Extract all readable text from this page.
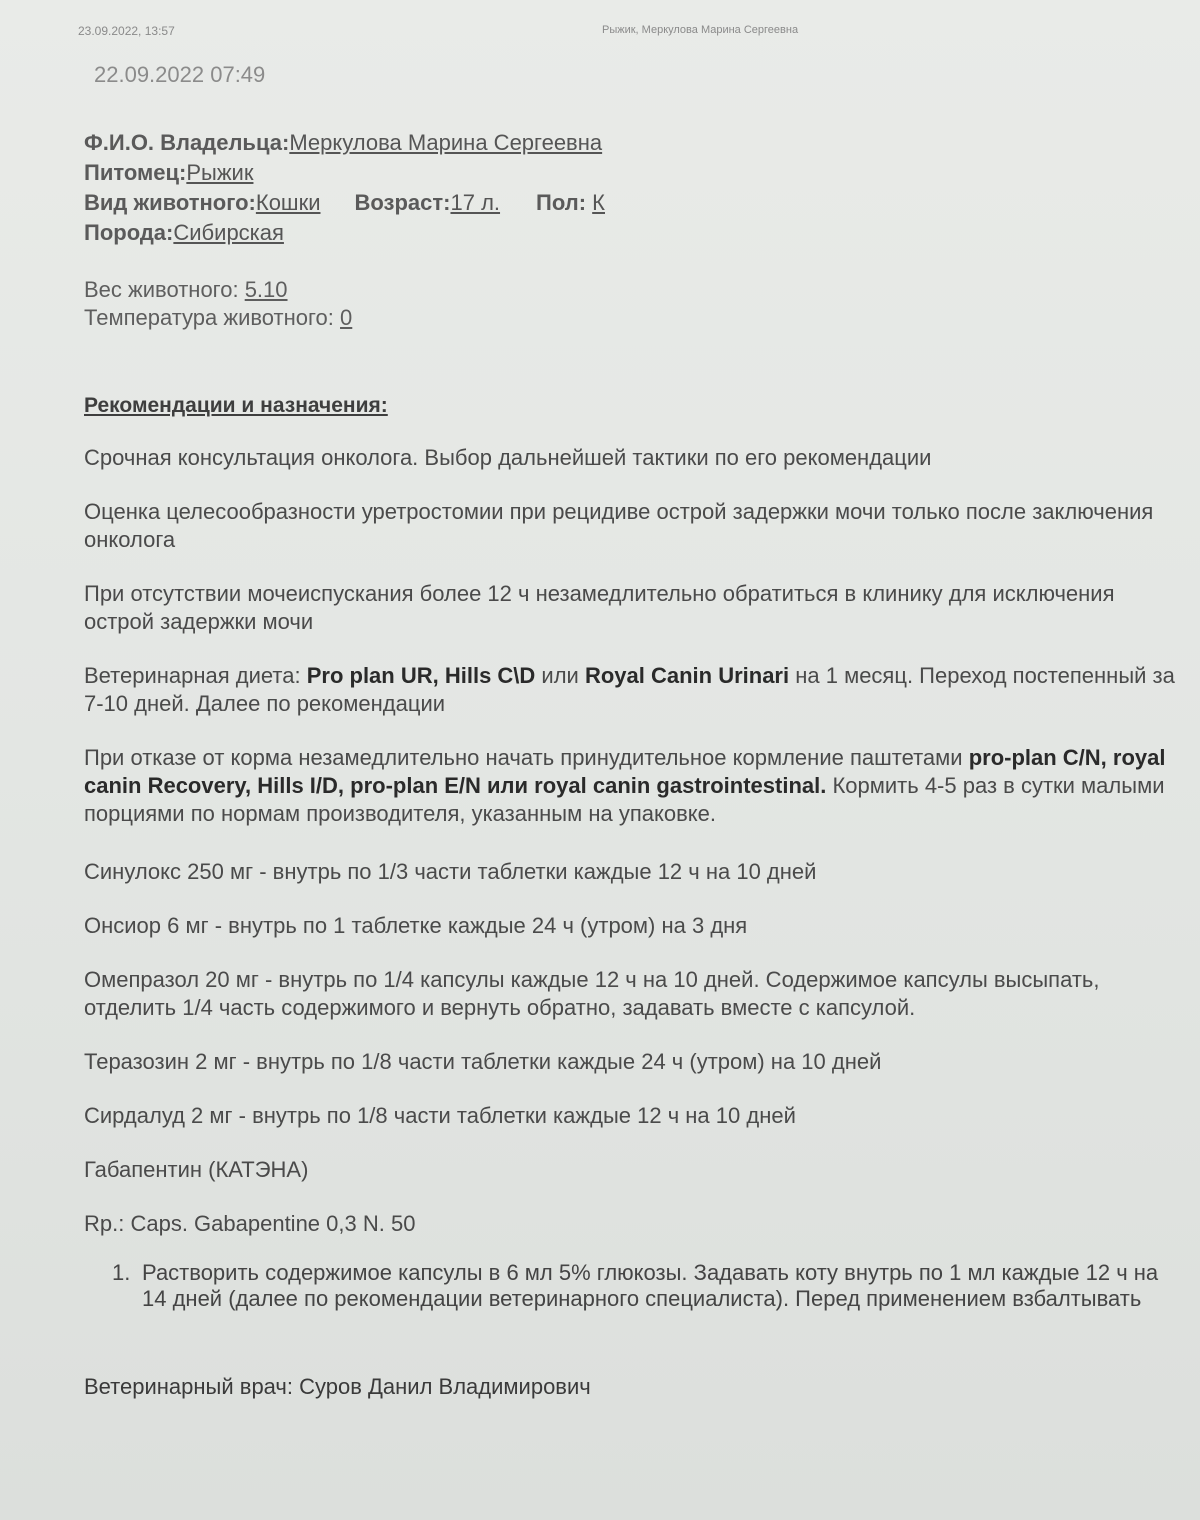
23.09.2022, 13:57	Рыжик, Меркулова Марина Сергеевна
22.09.2022 07:49
Ф.И.О. Владельца:Меркулова Марина Сергеевна
Питомец:Рыжик
Вид животного:Кошки Возраст:17 л. Пол: К
Порода:Сибирская
Вес животного: 5.10
Температура животного: 0
Рекомендации и назначения:
Срочная консультация онколога. Выбор дальнейшей тактики по его рекомендации
Оценка целесообразности уретростомии при рецидиве острой задержки мочи только после заключения онколога
При отсутствии мочеиспускания более 12 ч незамедлительно обратиться в клинику для исключения острой задержки мочи
Ветеринарная диета: Pro plan UR, Hills C\D или Royal Canin Urinari на 1 месяц. Переход постепенный за 7-10 дней. Далее по рекомендации
При отказе от корма незамедлительно начать принудительное кормление паштетами pro-plan C/N, royal canin Recovery, Hills I/D, pro-plan E/N или royal canin gastrointestinal. Кормить 4-5 раз в сутки малыми порциями по нормам производителя, указанным на упаковке.
Синулокс 250 мг - внутрь по 1/3 части таблетки каждые 12 ч на 10 дней
Онсиор 6 мг - внутрь по 1 таблетке каждые 24 ч (утром) на 3 дня
Омепразол 20 мг - внутрь по 1/4 капсулы каждые 12 ч на 10 дней. Содержимое капсулы высыпать, отделить 1/4 часть содержимого и вернуть обратно, задавать вместе с капсулой.
Теразозин 2 мг - внутрь по 1/8 части таблетки каждые 24 ч (утром) на 10 дней
Сирдалуд 2 мг - внутрь по 1/8 части таблетки каждые 12 ч на 10 дней
Габапентин (КАТЭНА)
Rp.: Caps. Gabapentine 0,3 N. 50
1. Растворить содержимое капсулы в 6 мл 5% глюкозы. Задавать коту внутрь по 1 мл каждые 12 ч на 14 дней (далее по рекомендации ветеринарного специалиста). Перед применением взбалтывать
Ветеринарный врач: Суров Данил Владимирович
